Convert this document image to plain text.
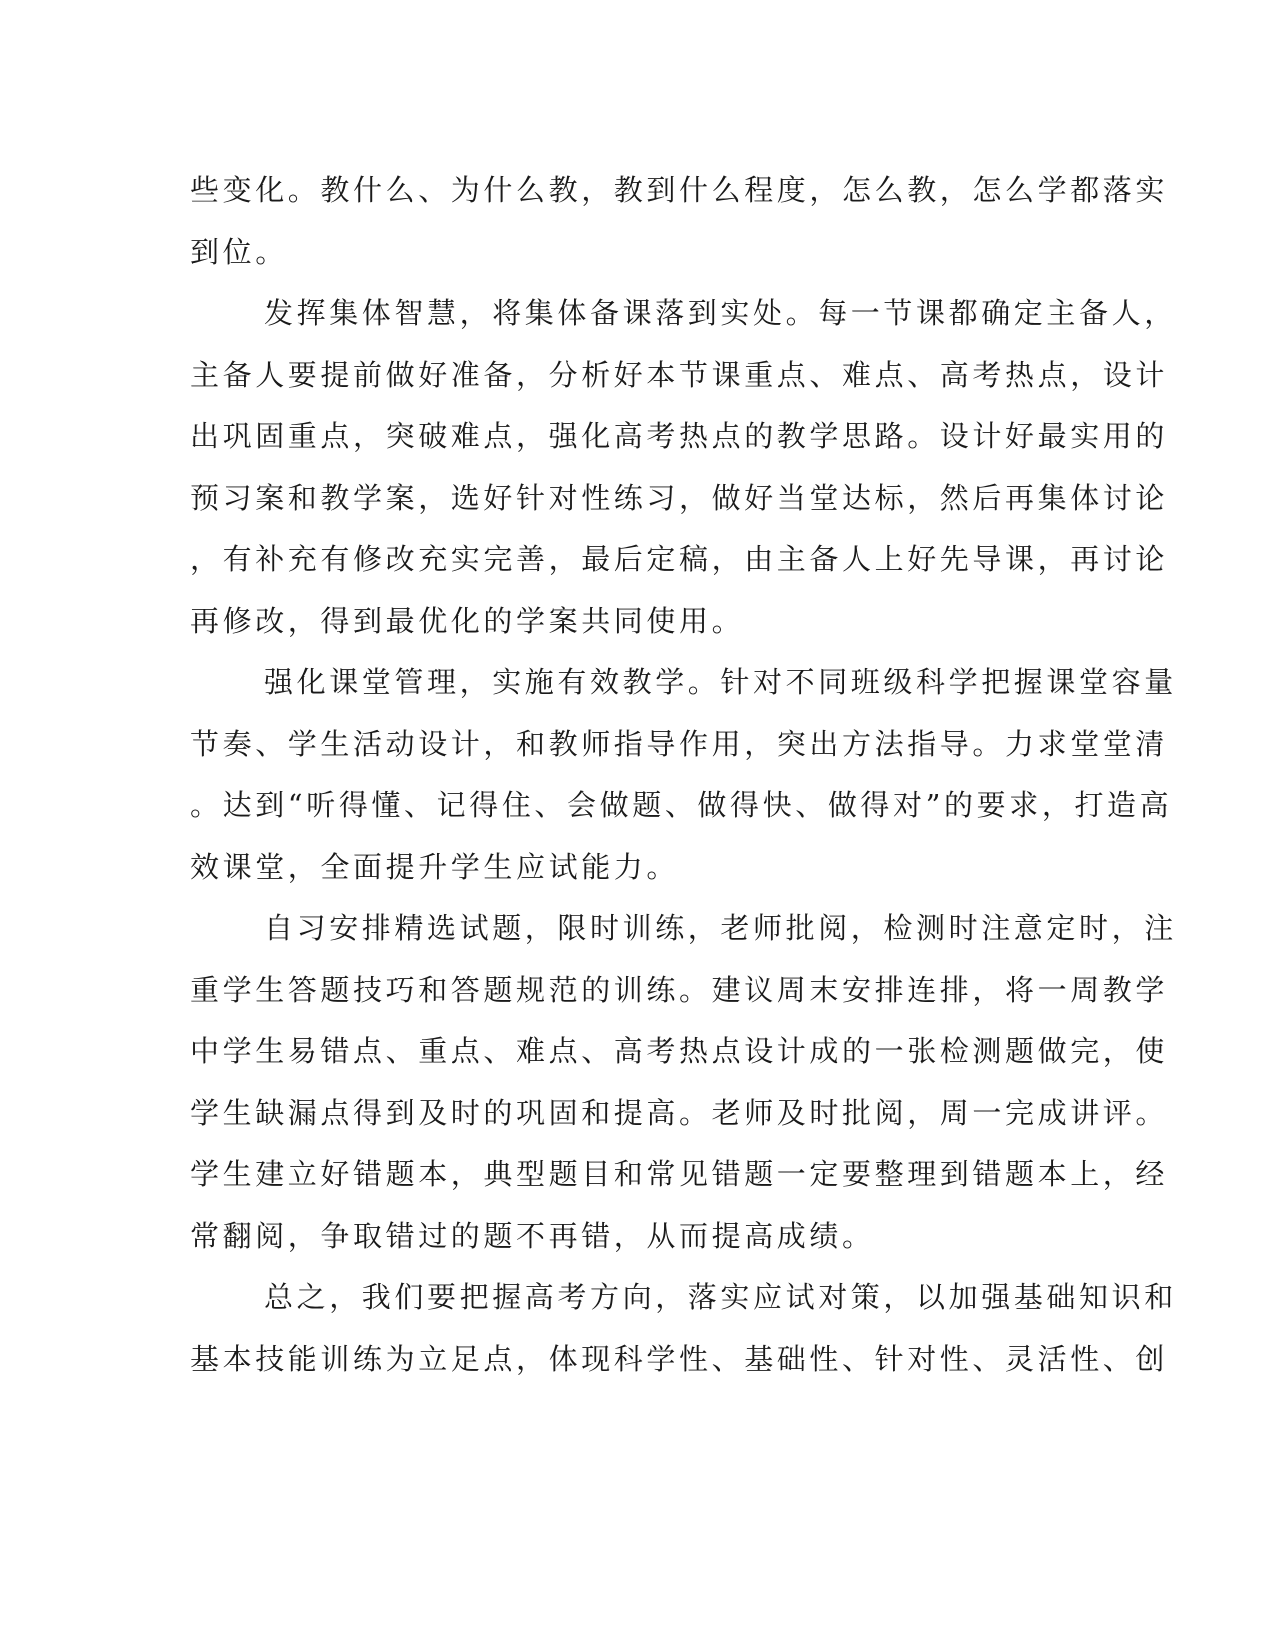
些变化。教什么、为什么教，教到什么程度，怎么教，怎么学都落实
到位。
发挥集体智慧，将集体备课落到实处。每一节课都确定主备人，
主备人要提前做好准备，分析好本节课重点、难点、高考热点，设计
出巩固重点，突破难点，强化高考热点的教学思路。设计好最实用的
预习案和教学案，选好针对性练习，做好当堂达标，然后再集体讨论
，有补充有修改充实完善，最后定稿，由主备人上好先导课，再讨论
再修改，得到最优化的学案共同使用。
强化课堂管理，实施有效教学。针对不同班级科学把握课堂容量
节奏、学生活动设计，和教师指导作用，突出方法指导。力求堂堂清
。达到“听得懂、记得住、会做题、做得快、做得对”的要求，打造高
效课堂，全面提升学生应试能力。
自习安排精选试题，限时训练，老师批阅，检测时注意定时，注
重学生答题技巧和答题规范的训练。建议周末安排连排，将一周教学
中学生易错点、重点、难点、高考热点设计成的一张检测题做完，使
学生缺漏点得到及时的巩固和提高。老师及时批阅，周一完成讲评。
学生建立好错题本，典型题目和常见错题一定要整理到错题本上，经
常翻阅，争取错过的题不再错，从而提高成绩。
总之，我们要把握高考方向，落实应试对策，以加强基础知识和
基本技能训练为立足点，体现科学性、基础性、针对性、灵活性、创
